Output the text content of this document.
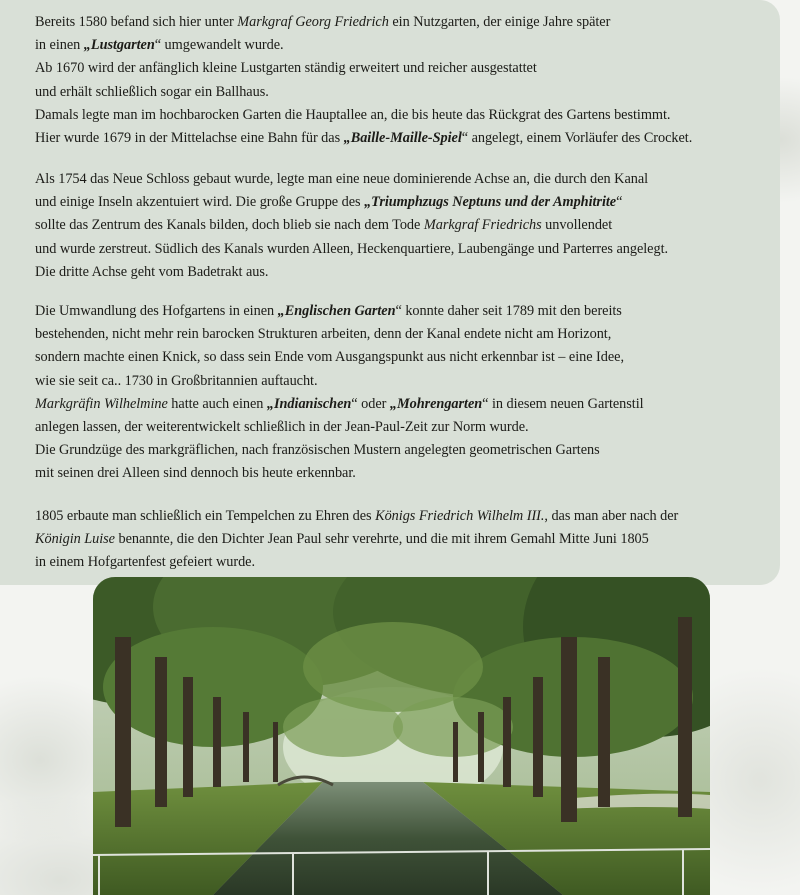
Bereits 1580 befand sich hier unter Markgraf Georg Friedrich ein Nutzgarten, der einige Jahre später
in einen „Lustgarten“ umgewandelt wurde.
Ab 1670 wird der anfänglich kleine Lustgarten ständig erweitert und reicher ausgestattet
und erhält schließlich sogar ein Ballhaus.
Damals legte man im hochbarocken Garten die Hauptallee an, die bis heute das Rückgrat des Gartens bestimmt.
Hier wurde 1679 in der Mittelachse eine Bahn für das „Baille-Maille-Spiel“ angelegt, einem Vorläufer des Crocket.
Als 1754 das Neue Schloss gebaut wurde, legte man eine neue dominierende Achse an, die durch den Kanal
und einige Inseln akzentuiert wird. Die große Gruppe des „Triumphzugs Neptuns und der Amphitrite“
sollte das Zentrum des Kanals bilden, doch blieb sie nach dem Tode Markgraf Friedrichs unvollendet
und wurde zerstreut. Südlich des Kanals wurden Alleen, Heckenquartiere, Laubengänge und Parterres angelegt.
Die dritte Achse geht vom Badetrakt aus.
Die Umwandlung des Hofgartens in einen „Englischen Garten“ konnte daher seit 1789 mit den bereits
bestehenden, nicht mehr rein barocken Strukturen arbeiten, denn der Kanal endete nicht am Horizont,
sondern machte einen Knick, so dass sein Ende vom Ausgangspunkt aus nicht erkennbar ist – eine Idee,
wie sie seit ca.. 1730 in Großbritannien auftaucht.
Markgräfin Wilhelmine hatte auch einen „Indianischen“ oder „Mohrengarten“ in diesem neuen Gartenstil
anlegen lassen, der weiterentwickelt schließlich in der Jean-Paul-Zeit zur Norm wurde.
Die Grundzüge des markgräflichen, nach französischen Mustern angelegten geometrischen Gartens
mit seinen drei Alleen sind dennoch bis heute erkennbar.
1805 erbaute man schließlich ein Tempelchen zu Ehren des Königs Friedrich Wilhelm III., das man aber nach der
Königin Luise benannte, die den Dichter Jean Paul sehr verehrte, und die mit ihrem Gemahl Mitte Juni 1805
in einem Hofgartenfest gefeiert wurde.
